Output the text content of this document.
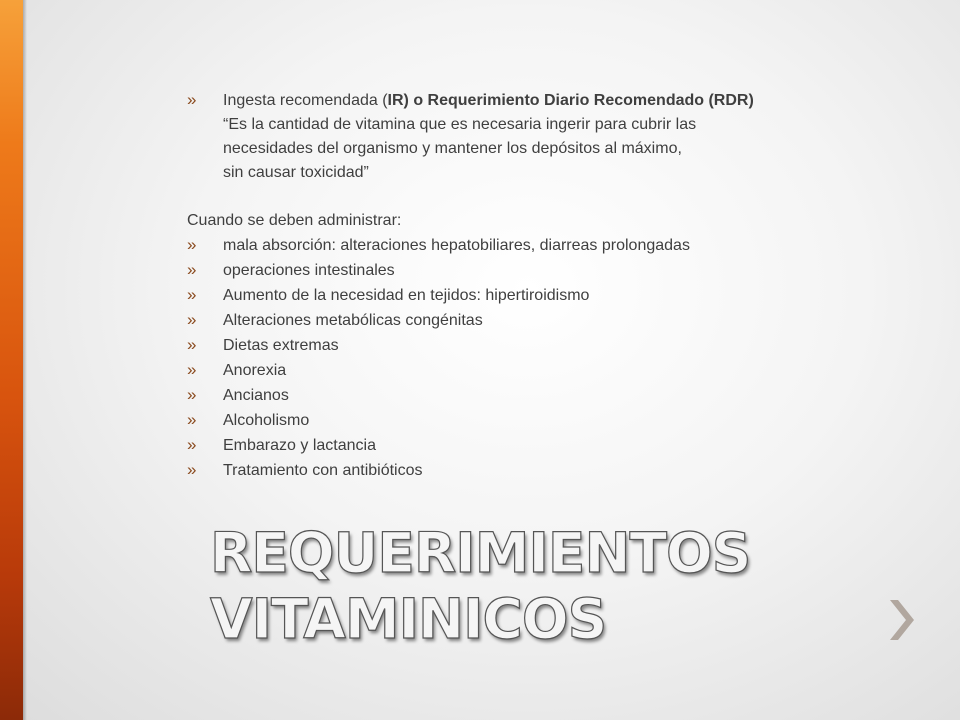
»	Ingesta recomendada (IR) o Requerimiento Diario Recomendado (RDR)
“Es la cantidad de vitamina que es necesaria ingerir para cubrir las
necesidades del organismo y mantener los depósitos al máximo,
sin causar toxicidad”
Cuando se deben administrar:
»	mala absorción: alteraciones hepatobiliares, diarreas prolongadas
»	operaciones intestinales
»	Aumento de la necesidad en tejidos: hipertiroidismo
»	Alteraciones metabólicas congénitas
»	Dietas extremas
»	Anorexia
»	Ancianos
»	Alcoholismo
»	Embarazo y lactancia
»	Tratamiento con antibióticos
REQUERIMIENTOS
VITAMINICOS
